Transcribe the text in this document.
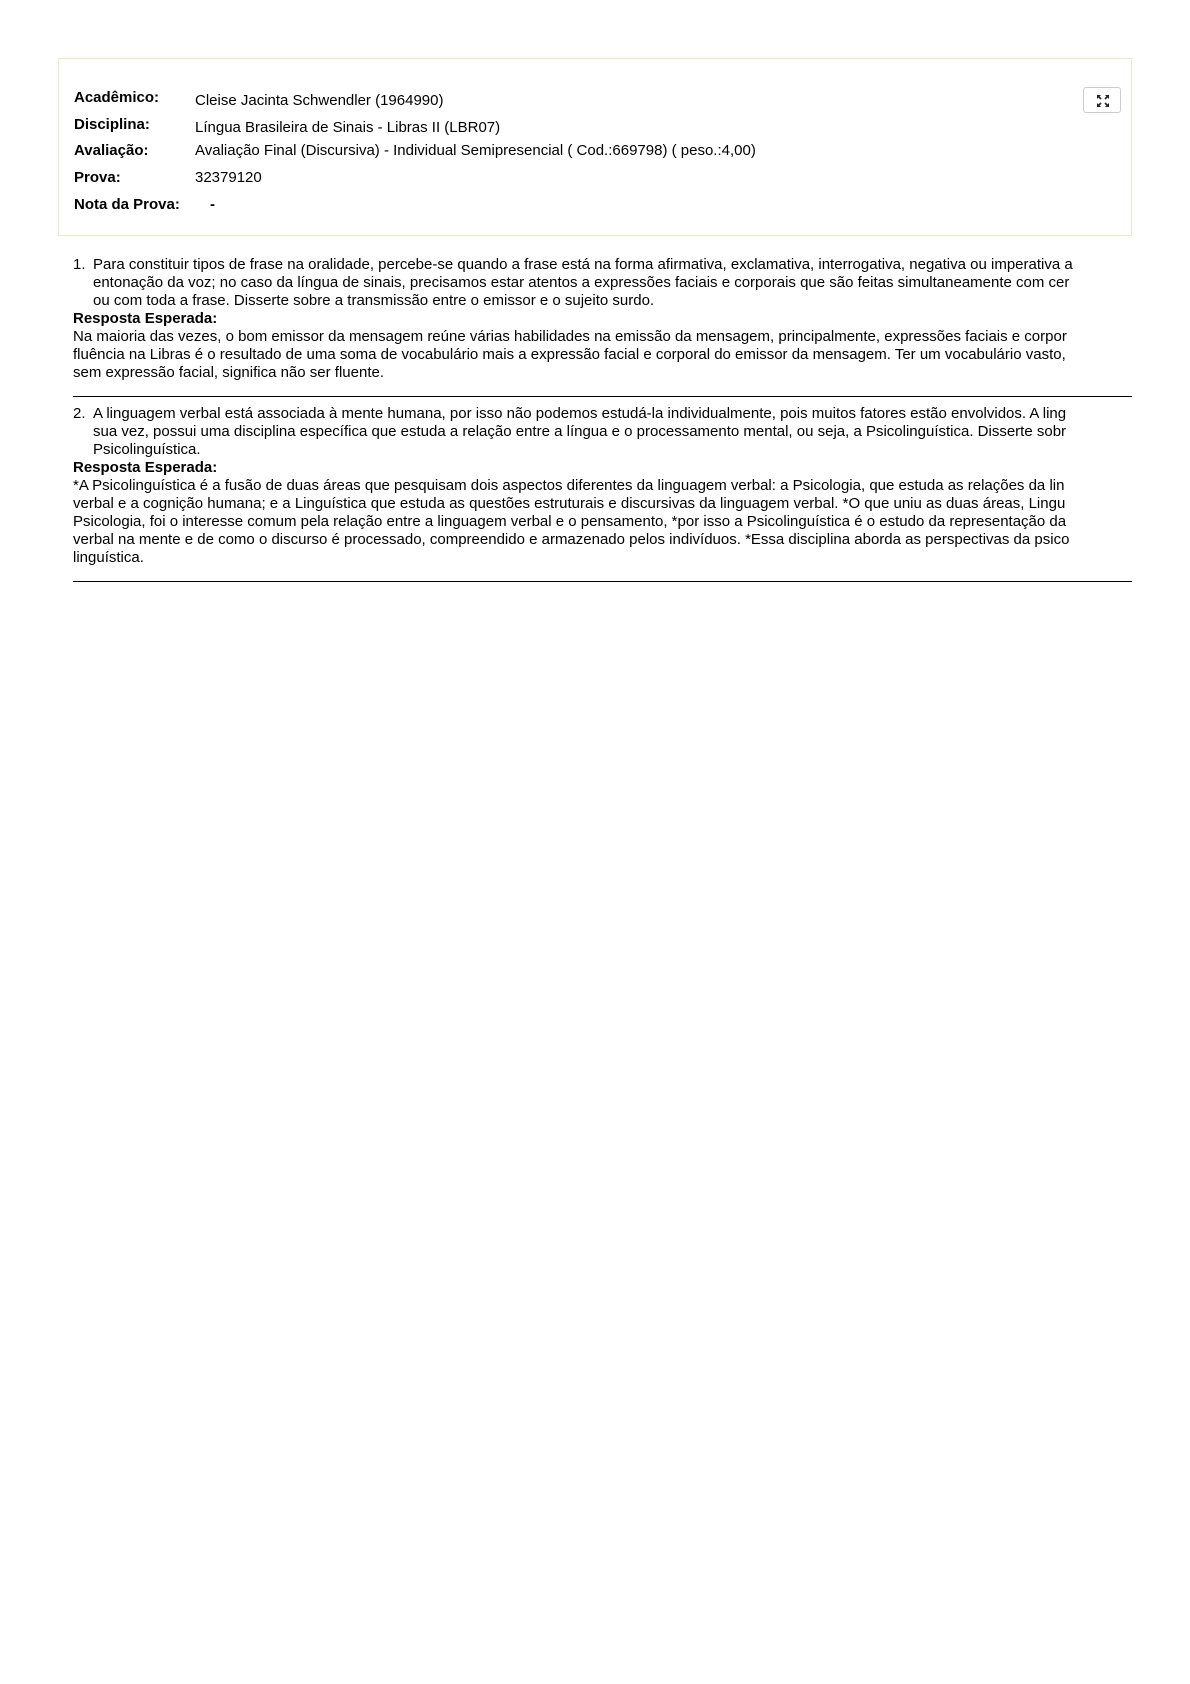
Acadêmico: Cleise Jacinta Schwendler (1964990)
Disciplina:	Língua Brasileira de Sinais - Libras II (LBR07)
Avaliação:	Avaliação Final (Discursiva) - Individual Semipresencial ( Cod.:669798) ( peso.:4,00)
Prova:	32379120
Nota da Prova: -
1. Para constituir tipos de frase na oralidade, percebe-se quando a frase está na forma afirmativa, exclamativa, interrogativa, negativa ou imperativa a
entonação da voz; no caso da língua de sinais, precisamos estar atentos a expressões faciais e corporais que são feitas simultaneamente com cer
ou com toda a frase. Disserte sobre a transmissão entre o emissor e o sujeito surdo.
Resposta Esperada:
Na maioria das vezes, o bom emissor da mensagem reúne várias habilidades na emissão da mensagem, principalmente, expressões faciais e corpor
fluência na Libras é o resultado de uma soma de vocabulário mais a expressão facial e corporal do emissor da mensagem. Ter um vocabulário vasto,
sem expressão facial, significa não ser fluente.
2. A linguagem verbal está associada à mente humana, por isso não podemos estudá-la individualmente, pois muitos fatores estão envolvidos. A ling
sua vez, possui uma disciplina específica que estuda a relação entre a língua e o processamento mental, ou seja, a Psicolinguística. Disserte sobr
Psicolinguística.
Resposta Esperada:
*A Psicolinguística é a fusão de duas áreas que pesquisam dois aspectos diferentes da linguagem verbal: a Psicologia, que estuda as relações da lin
verbal e a cognição humana; e a Linguística que estuda as questões estruturais e discursivas da linguagem verbal. *O que uniu as duas áreas, Lingu
Psicologia, foi o interesse comum pela relação entre a linguagem verbal e o pensamento, *por isso a Psicolinguística é o estudo da representação da
verbal na mente e de como o discurso é processado, compreendido e armazenado pelos indivíduos. *Essa disciplina aborda as perspectivas da psico
linguística.
